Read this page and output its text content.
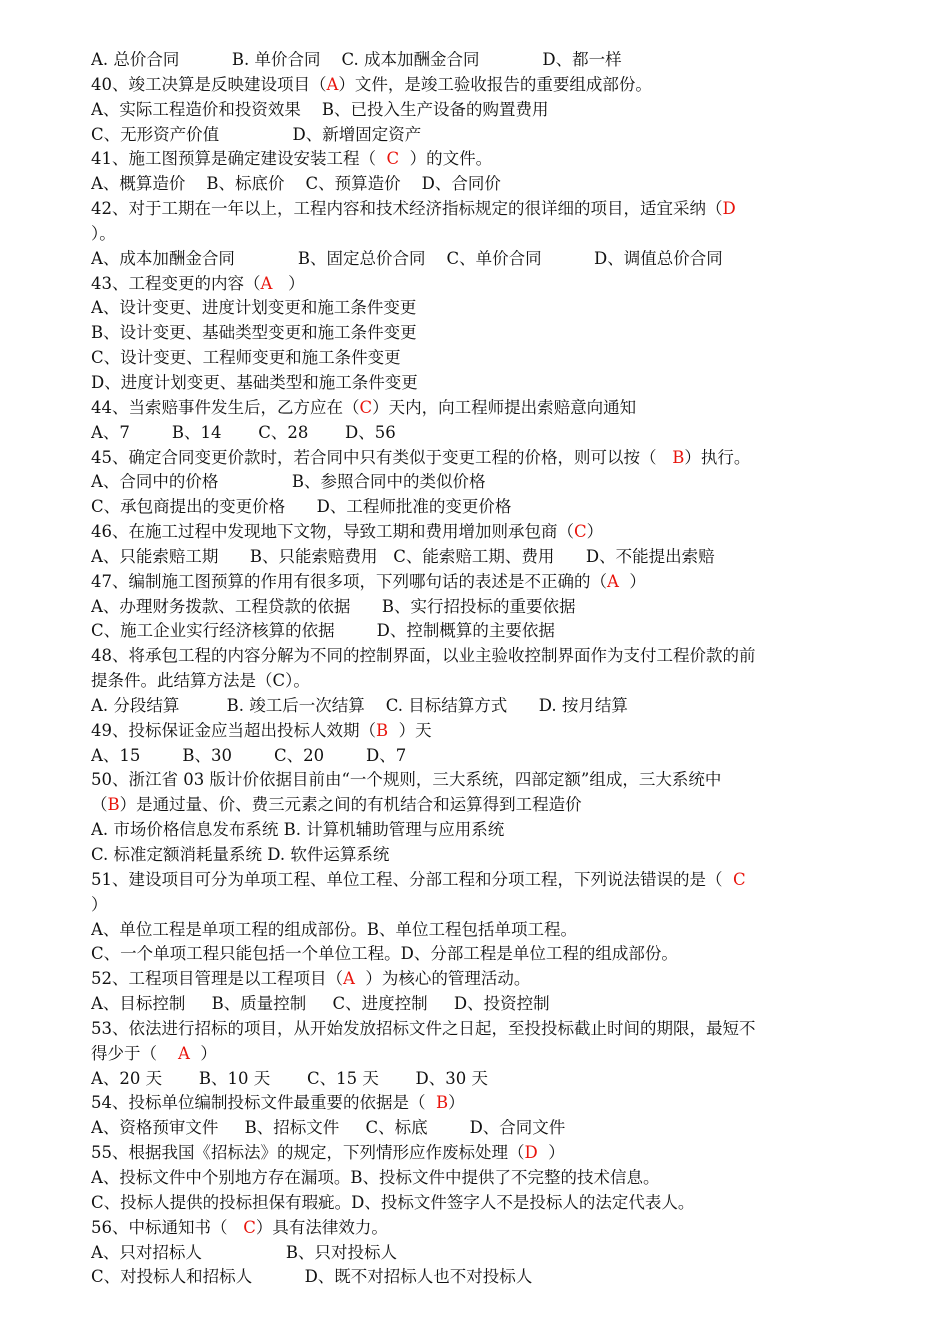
A. 总价合同          B. 单价合同    C. 成本加酬金合同            D、都一样
40、竣工决算是反映建设项目（A）文件，是竣工验收报告的重要组成部份。
A、实际工程造价和投资效果    B、已投入生产设备的购置费用
C、无形资产价值              D、新增固定资产
41、施工图预算是确定建设安装工程（  C  ）的文件。
A、概算造价    B、标底价    C、预算造价    D、合同价
42、对于工期在一年以上，工程内容和技术经济指标规定的很详细的项目，适宜采纳（D
）。
A、成本加酬金合同            B、固定总价合同    C、单价合同          D、调值总价合同
43、工程变更的内容（A   ）
A、设计变更、进度计划变更和施工条件变更
B、设计变更、基础类型变更和施工条件变更
C、设计变更、工程师变更和施工条件变更
D、进度计划变更、基础类型和施工条件变更
44、当索赔事件发生后，乙方应在（C）天内，向工程师提出索赔意向通知
A、7        B、14       C、28       D、56
45、确定合同变更价款时，若合同中只有类似于变更工程的价格，则可以按（   B）执行。
A、合同中的价格              B、参照合同中的类似价格
C、承包商提出的变更价格      D、工程师批准的变更价格
46、在施工过程中发现地下文物，导致工期和费用增加则承包商（C）
A、只能索赔工期      B、只能索赔费用   C、能索赔工期、费用      D、不能提出索赔
47、编制施工图预算的作用有很多项，下列哪句话的表述是不正确的（A  ）
A、办理财务拨款、工程贷款的依据      B、实行招投标的重要依据
C、施工企业实行经济核算的依据        D、控制概算的主要依据
48、将承包工程的内容分解为不同的控制界面，以业主验收控制界面作为支付工程价款的前
提条件。此结算方法是（C）。
A. 分段结算         B. 竣工后一次结算    C. 目标结算方式      D. 按月结算
49、投标保证金应当超出投标人效期（B  ）天
A、15        B、30        C、20        D、7
50、浙江省 03 版计价依据目前由“一个规则，三大系统，四部定额”组成，三大系统中
（B）是通过量、价、费三元素之间的有机结合和运算得到工程造价
A. 市场价格信息发布系统 B. 计算机辅助管理与应用系统
C. 标准定额消耗量系统 D. 软件运算系统
51、建设项目可分为单项工程、单位工程、分部工程和分项工程，下列说法错误的是（  C
）
A、单位工程是单项工程的组成部份。B、单位工程包括单项工程。
C、一个单项工程只能包括一个单位工程。D、分部工程是单位工程的组成部份。
52、工程项目管理是以工程项目（A  ）为核心的管理活动。
A、目标控制     B、质量控制     C、进度控制     D、投资控制
53、依法进行招标的项目，从开始发放招标文件之日起，至投投标截止时间的期限，最短不
得少于（    A  ）
A、20 天       B、10 天       C、15 天       D、30 天
54、投标单位编制投标文件最重要的依据是（  B）
A、资格预审文件     B、招标文件     C、标底        D、合同文件
55、根据我国《招标法》的规定，下列情形应作废标处理（D  ）
A、投标文件中个别地方存在漏项。B、投标文件中提供了不完整的技术信息。
C、投标人提供的投标担保有瑕疵。D、投标文件签字人不是投标人的法定代表人。
56、中标通知书（   C）具有法律效力。
A、只对招标人                B、只对投标人
C、对投标人和招标人          D、既不对招标人也不对投标人
